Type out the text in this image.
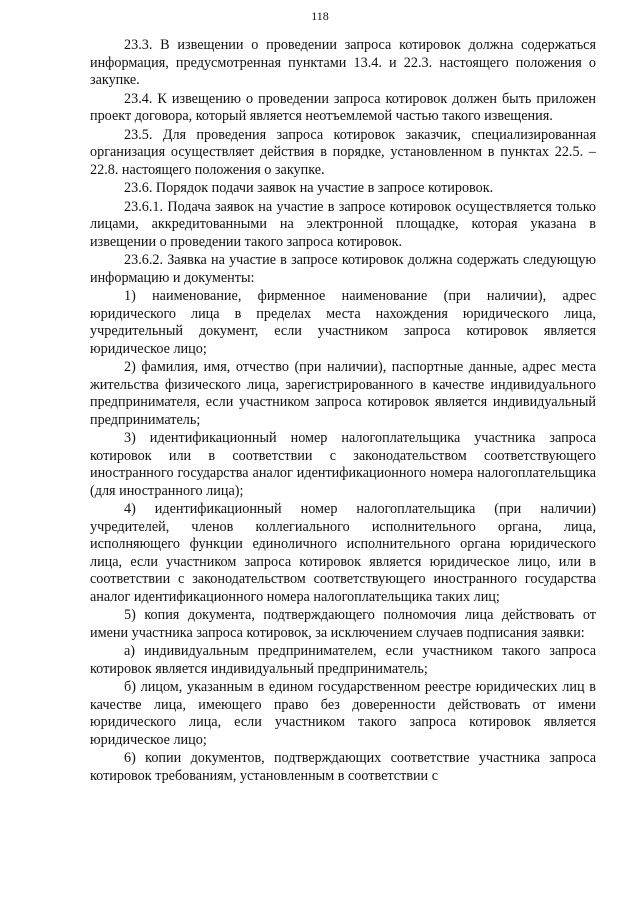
118

23.3. В извещении о проведении запроса котировок должна содержаться информация, предусмотренная пунктами 13.4. и 22.3. настоящего положения о закупке.

23.4. К извещению о проведении запроса котировок должен быть приложен проект договора, который является неотъемлемой частью такого извещения.

23.5. Для проведения запроса котировок заказчик, специализированная организация осуществляет действия в порядке, установленном в пунктах 22.5. – 22.8. настоящего положения о закупке.

23.6. Порядок подачи заявок на участие в запросе котировок.

23.6.1. Подача заявок на участие в запросе котировок осуществляется только лицами, аккредитованными на электронной площадке, которая указана в извещении о проведении такого запроса котировок.

23.6.2. Заявка на участие в запросе котировок должна содержать следующую информацию и документы:

1) наименование, фирменное наименование (при наличии), адрес юридического лица в пределах места нахождения юридического лица, учредительный документ, если участником запроса котировок является юридическое лицо;

2) фамилия, имя, отчество (при наличии), паспортные данные, адрес места жительства физического лица, зарегистрированного в качестве индивидуального предпринимателя, если участником запроса котировок является индивидуальный предприниматель;

3) идентификационный номер налогоплательщика участника запроса котировок или в соответствии с законодательством соответствующего иностранного государства аналог идентификационного номера налогоплательщика (для иностранного лица);

4) идентификационный номер налогоплательщика (при наличии) учредителей, членов коллегиального исполнительного органа, лица, исполняющего функции единоличного исполнительного органа юридического лица, если участником запроса котировок является юридическое лицо, или в соответствии с законодательством соответствующего иностранного государства аналог идентификационного номера налогоплательщика таких лиц;

5) копия документа, подтверждающего полномочия лица действовать от имени участника запроса котировок, за исключением случаев подписания заявки:

а) индивидуальным предпринимателем, если участником такого запроса котировок является индивидуальный предприниматель;

б) лицом, указанным в едином государственном реестре юридических лиц в качестве лица, имеющего право без доверенности действовать от имени юридического лица, если участником такого запроса котировок является юридическое лицо;

6) копии документов, подтверждающих соответствие участника запроса котировок требованиям, установленным в соответствии с
